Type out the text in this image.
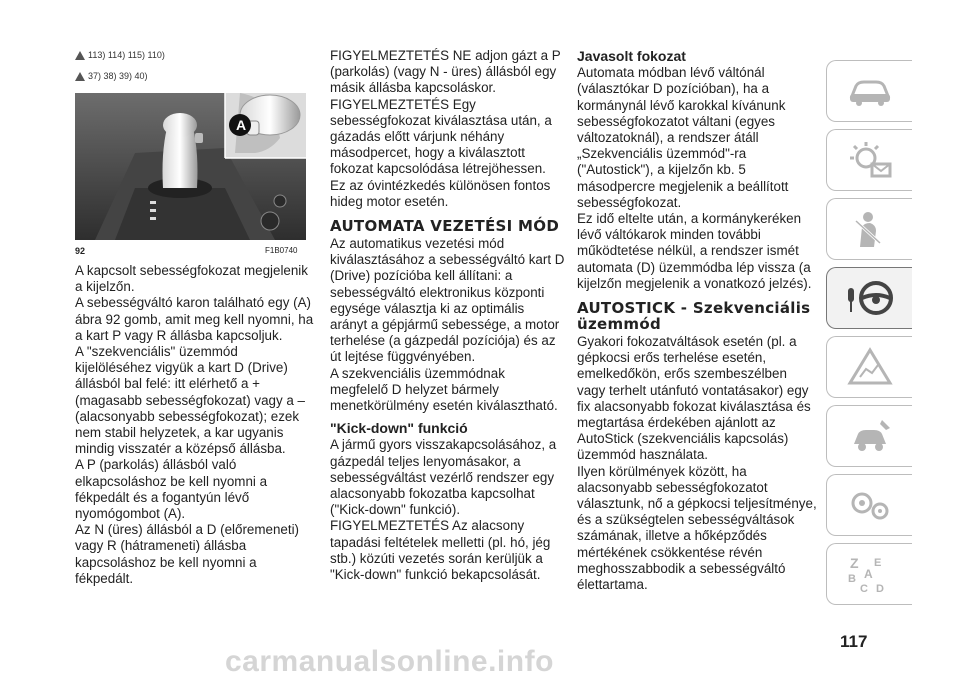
113) 114) 115) 110)
37) 38) 39) 40)
A
92	F1B0740

A kapcsolt sebességfokozat megjelenik a kijelzőn.

A sebességváltó karon található egy (A) ábra 92 gomb, amit meg kell nyomni, ha a kart P vagy R állásba kapcsoljuk.

A "szekvenciális" üzemmód kijelöléséhez vigyük a kart D (Drive) állásból bal felé: itt elérhető a + (magasabb sebességfokozat) vagy a – (alacsonyabb sebességfokozat); ezek nem stabil helyzetek, a kar ugyanis mindig visszatér a középső állásba.

A P (parkolás) állásból való elkapcsoláshoz be kell nyomni a fékpedált és a fogantyún lévő nyomógombot (A).

Az N (üres) állásból a D (előremeneti) vagy R (hátrameneti) állásba kapcsoláshoz be kell nyomni a fékpedált.

FIGYELMEZTETÉS NE adjon gázt a P (parkolás) (vagy N - üres) állásból egy másik állásba kapcsoláskor.

FIGYELMEZTETÉS Egy sebességfokozat kiválasztása után, a gázadás előtt várjunk néhány másodpercet, hogy a kiválasztott fokozat kapcsolódása létrejöhessen. Ez az óvintézkedés különösen fontos hideg motor esetén.

AUTOMATA VEZETÉSI MÓD

Az automatikus vezetési mód kiválasztásához a sebességváltó kart D (Drive) pozícióba kell állítani: a sebességváltó elektronikus központi egysége választja ki az optimális arányt a gépjármű sebessége, a motor terhelése (a gázpedál pozíciója) és az út lejtése függvényében.

A szekvenciális üzemmódnak megfelelő D helyzet bármely menetkörülmény esetén kiválasztható.

"Kick-down" funkció

A jármű gyors visszakapcsolásához, a gázpedál teljes lenyomásakor, a sebességváltást vezérlő rendszer egy alacsonyabb fokozatba kapcsolhat ("Kick-down" funkció).

FIGYELMEZTETÉS Az alacsony tapadási feltételek melletti (pl. hó, jég stb.) közúti vezetés során kerüljük a "Kick-down" funkció bekapcsolását.

Javasolt fokozat

Automata módban lévő váltónál (választókar D pozícióban), ha a kormánynál lévő karokkal kívánunk sebességfokozatot váltani (egyes változatoknál), a rendszer átáll „Szekvenciális üzemmód"-ra ("Autostick"), a kijelzőn kb. 5 másodpercre megjelenik a beállított sebességfokozat.

Ez idő eltelte után, a kormánykeréken lévő váltókarok minden további működtetése nélkül, a rendszer ismét automata (D) üzemmódba lép vissza (a kijelzőn megjelenik a vonatkozó jelzés).

AUTOSTICK - Szekvenciális üzemmód

Gyakori fokozatváltások esetén (pl. a gépkocsi erős terhelése esetén, emelkedőkön, erős szembeszélben vagy terhelt utánfutó vontatásakor) egy fix alacsonyabb fokozat kiválasztása és megtartása érdekében ajánlott az AutoStick (szekvenciális kapcsolás) üzemmód használata.

Ilyen körülmények között, ha alacsonyabb sebességfokozatot választunk, nő a gépkocsi teljesítménye, és a szükségtelen sebességváltások számának, illetve a hőképződés mértékének csökkentése révén meghosszabbodik a sebességváltó élettartama.

Z E
A
B
C D
117
carmanualsonline.info
